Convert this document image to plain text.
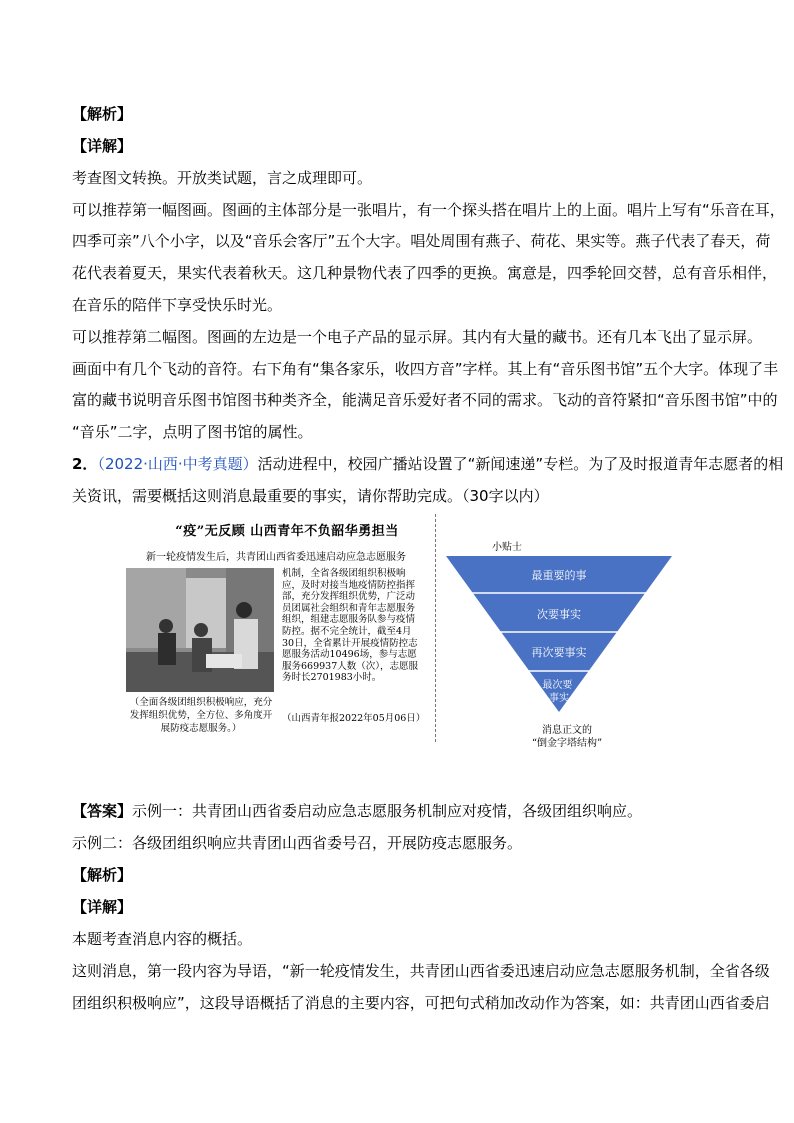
【解析】
【详解】
考查图文转换。开放类试题，言之成理即可。
可以推荐第一幅图画。图画的主体部分是一张唱片，有一个探头搭在唱片上的上面。唱片上写有“乐音在耳，
四季可亲”八个小字，以及“音乐会客厅”五个大字。唱处周围有燕子、荷花、果实等。燕子代表了春天，荷
花代表着夏天，果实代表着秋天。这几种景物代表了四季的更换。寓意是，四季轮回交替，总有音乐相伴，
在音乐的陪伴下享受快乐时光。
可以推荐第二幅图。图画的左边是一个电子产品的显示屏。其内有大量的藏书。还有几本飞出了显示屏。
画面中有几个飞动的音符。右下角有“集各家乐，收四方音”字样。其上有“音乐图书馆”五个大字。体现了丰
富的藏书说明音乐图书馆图书种类齐全，能满足音乐爱好者不同的需求。飞动的音符紧扣“音乐图书馆”中的
“音乐”二字，点明了图书馆的属性。
2．（2022·山西·中考真题）活动进程中，校园广播站设置了“新闻速递”专栏。为了及时报道青年志愿者的相
关资讯，需要概括这则消息最重要的事实，请你帮助完成。（30字以内）
【答案】示例一：共青团山西省委启动应急志愿服务机制应对疫情，各级团组织响应。
示例二：各级团组织响应共青团山西省委号召，开展防疫志愿服务。
【解析】
【详解】
本题考查消息内容的概括。
这则消息，第一段内容为导语，“新一轮疫情发生，共青团山西省委迅速启动应急志愿服务机制，全省各级
团组织积极响应”，这段导语概括了消息的主要内容，可把句式稍加改动作为答案，如：共青团山西省委启
“疫”无反顾 山西青年不负韶华勇担当
新一轮疫情发生后，共青团山西省委迅速启动应急志愿服务
机制，全省各级团组织积极响应，及时对接当地疫情防控指挥部，充分发挥组织优势，广泛动员团属社会组织和青年志愿服务组织，组建志愿服务队参与疫情防控。据不完全统计，截至4月30日，全省累计开展疫情防控志愿服务活动10496场，参与志愿服务669937人数（次），志愿服务时长2701983小时。
（全面各级团组织积极响应，充分发挥组织优势，全方位、多角度开展防疫志愿服务。）
（山西青年报2022年05月06日）
小贴士
最重要的事
次要事实
再次要事实
最次要 事实
消息正文的
“倒金字塔结构”
